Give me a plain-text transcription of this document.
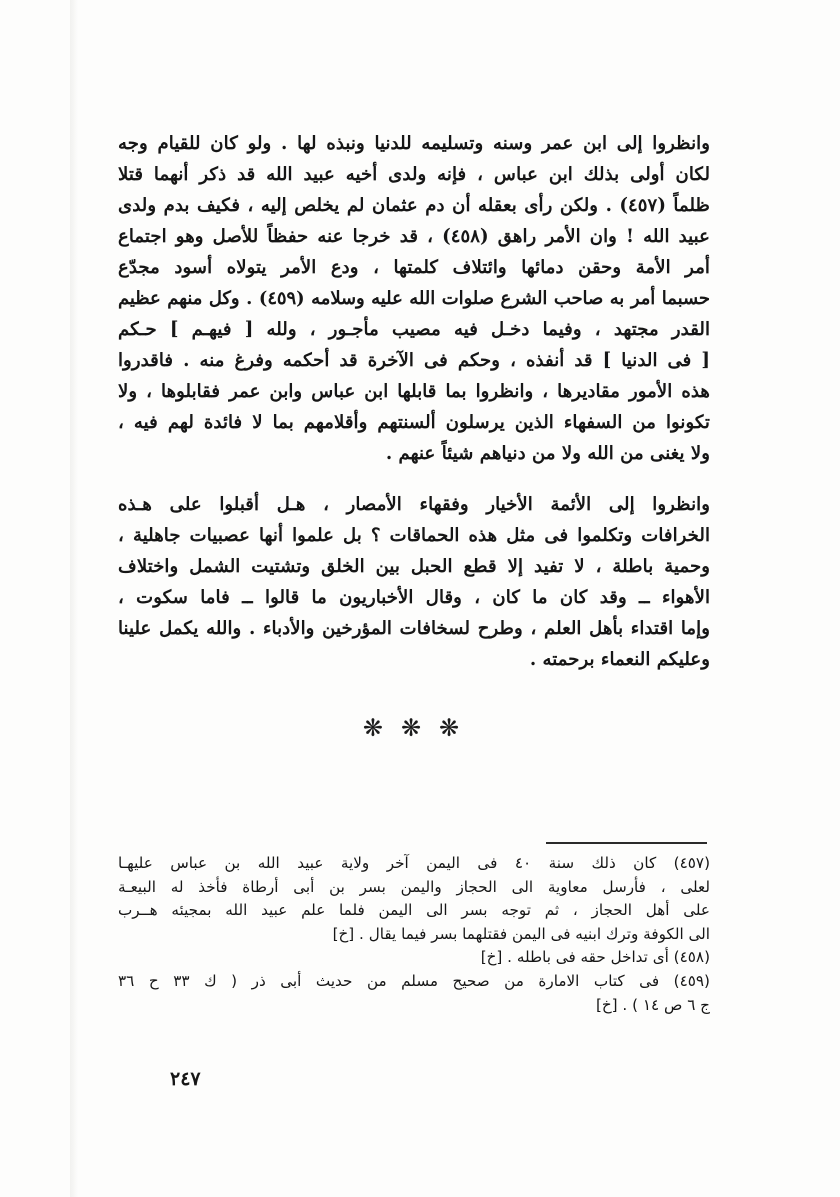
وانظروا إلى ابن عمر وسنه وتسليمه للدنيا ونبذه لها . ولو كان للقيام وجه
لكان أولى بذلك ابن عباس ، فإنه ولدى أخيه عبيد الله قد ذكر أنهما قتلا
ظلماً (٤٥٧) . ولكن رأى بعقله أن دم عثمان لم يخلص إليه ، فكيف بدم ولدى
عبيد الله ! وان الأمر راهق (٤٥٨) ، قد خرجا عنه حفظاً للأصل وهو اجتماع
أمر الأمة وحقن دمائها وائتلاف كلمتها ، ودع الأمر يتولاه أسود مجدّع
حسبما أمر به صاحب الشرع صلوات الله عليه وسلامه (٤٥٩) . وكل منهم عظيم
القدر مجتهد ، وفيما دخـل فيه مصيب مأجـور ، ولله [ فيهـم ] حـكم
[ فى الدنيا ] قد أنفذه ، وحكم فى الآخرة قد أحكمه وفرغ منه . فاقدروا
هذه الأمور مقاديرها ، وانظروا بما قابلها ابن عباس وابن عمر فقابلوها ، ولا
تكونوا من السفهاء الذين يرسلون ألسنتهم وأقلامهم بما لا فائدة لهم فيه ،
ولا يغنى من الله ولا من دنياهم شيئاً عنهم .
وانظروا إلى الأئمة الأخيار وفقهاء الأمصار ، هـل أقبلوا على هـذه
الخرافات وتكلموا فى مثل هذه الحماقات ؟ بل علموا أنها عصبيات جاهلية ،
وحمية باطلة ، لا تفيد إلا قطع الحبل بين الخلق وتشتيت الشمل واختلاف
الأهواء ــ وقد كان ما كان ، وقال الأخباريون ما قالوا ــ فاما سكوت ،
وإما اقتداء بأهل العلم ، وطرح لسخافات المؤرخين والأدباء . والله يكمل علينا
وعليكم النعماء برحمته .
❋❋❋
(٤٥٧) كان ذلك سنة ٤٠ فى اليمن آخر ولاية عبيد الله بن عباس عليهـا
لعلى ، فأرسل معاوية الى الحجاز واليمن بسر بن أبى أرطاة فأخذ له البيعـة
على أهل الحجاز ، ثم توجه بسر الى اليمن فلما علم عبيد الله بمجيئه هــرب
الى الكوفة وترك ابنيه فى اليمن فقتلهما بسر فيما يقال . [خ]
(٤٥٨) أى تداخل حقه فى باطله . [خ]
(٤٥٩) فى كتاب الامارة من صحيح مسلم من حديث أبى ذر ( ك ٣٣ ح ٣٦
ج ٦ ص ١٤ ) . [خ]
٢٤٧
